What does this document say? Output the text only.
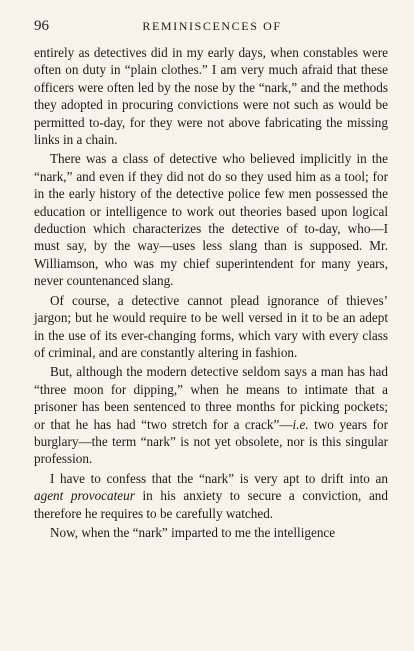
96	REMINISCENCES OF

entirely as detectives did in my early days, when constables were often on duty in “plain clothes.” I am very much afraid that these officers were often led by the nose by the “nark,” and the methods they adopted in procuring convictions were not such as would be permitted to-day, for they were not above fabricating the missing links in a chain.

There was a class of detective who believed implicitly in the “nark,” and even if they did not do so they used him as a tool; for in the early history of the detective police few men possessed the education or intelligence to work out theories based upon logical deduction which characterizes the detective of to-day, who—I must say, by the way—uses less slang than is supposed. Mr. Williamson, who was my chief superintendent for many years, never countenanced slang.

Of course, a detective cannot plead ignorance of thieves’ jargon; but he would require to be well versed in it to be an adept in the use of its ever-changing forms, which vary with every class of criminal, and are constantly altering in fashion.

But, although the modern detective seldom says a man has had “three moon for dipping,” when he means to intimate that a prisoner has been sentenced to three months for picking pockets; or that he has had “two stretch for a crack”—i.e. two years for burglary—the term “nark” is not yet obsolete, nor is this singular profession.

I have to confess that the “nark” is very apt to drift into an agent provocateur in his anxiety to secure a conviction, and therefore he requires to be carefully watched.

Now, when the “nark” imparted to me the intelligence
